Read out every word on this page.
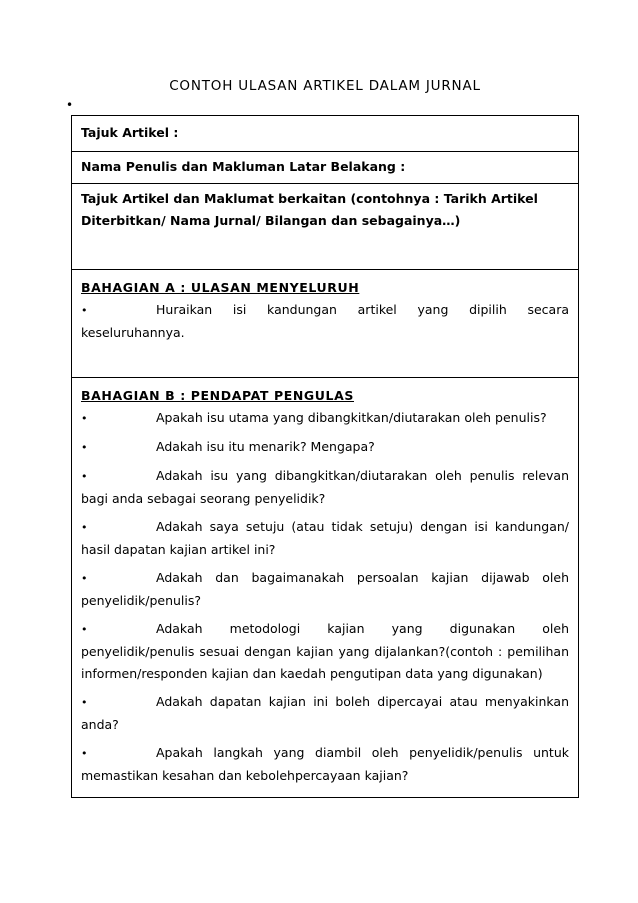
CONTOH ULASAN ARTIKEL DALAM JURNAL
•
Tajuk Artikel :
Nama Penulis dan Makluman Latar Belakang :
Tajuk Artikel dan Maklumat berkaitan (contohnya : Tarikh Artikel Diterbitkan/ Nama Jurnal/ Bilangan dan sebagainya…)

BAHAGIAN A : ULASAN MENYELURUH

•	Huraikan isi kandungan artikel yang dipilih secara keseluruhannya.

BAHAGIAN B : PENDAPAT PENGULAS

•	Apakah isu utama yang dibangkitkan/diutarakan oleh penulis?

•	Adakah isu itu menarik? Mengapa?

•	Adakah isu yang dibangkitkan/diutarakan oleh penulis relevan bagi anda sebagai seorang penyelidik?

•	Adakah saya setuju (atau tidak setuju) dengan isi kandungan/ hasil dapatan kajian artikel ini?

•	Adakah dan bagaimanakah persoalan kajian dijawab oleh penyelidik/penulis?

•	Adakah metodologi kajian yang digunakan oleh penyelidik/penulis sesuai dengan kajian yang dijalankan?(contoh : pemilihan informen/responden kajian dan kaedah pengutipan data yang digunakan)

•	Adakah dapatan kajian ini boleh dipercayai atau menyakinkan anda?

•	Apakah langkah yang diambil oleh penyelidik/penulis untuk memastikan kesahan dan kebolehpercayaan kajian?
